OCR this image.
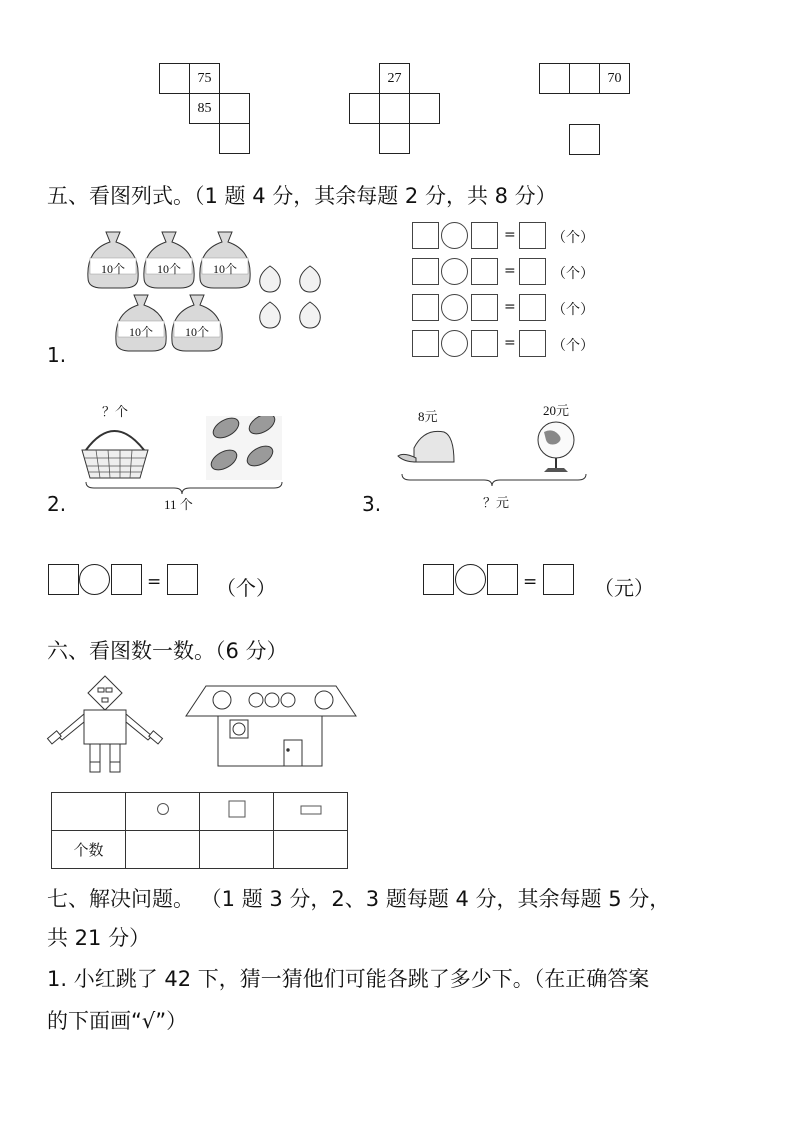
75
85
27	70
五、看图列式。（1 题 4 分，其余每题 2 分，共 8 分）
10个	10个	10个
10个	10个
1.
=	（个）
=	（个）
=	（个）
=	（个）
？个
11 个
2.
8元	20元
？元
3.
=	（个）	=	（元）
六、看图数一数。（6 分）

个数			
七、解决问题。 （1 题 3 分，2、3 题每题 4 分，其余每题 5 分，
共 21 分）
1. 小红跳了 42 下，猜一猜他们可能各跳了多少下。（在正确答案
的下面画“√”）
